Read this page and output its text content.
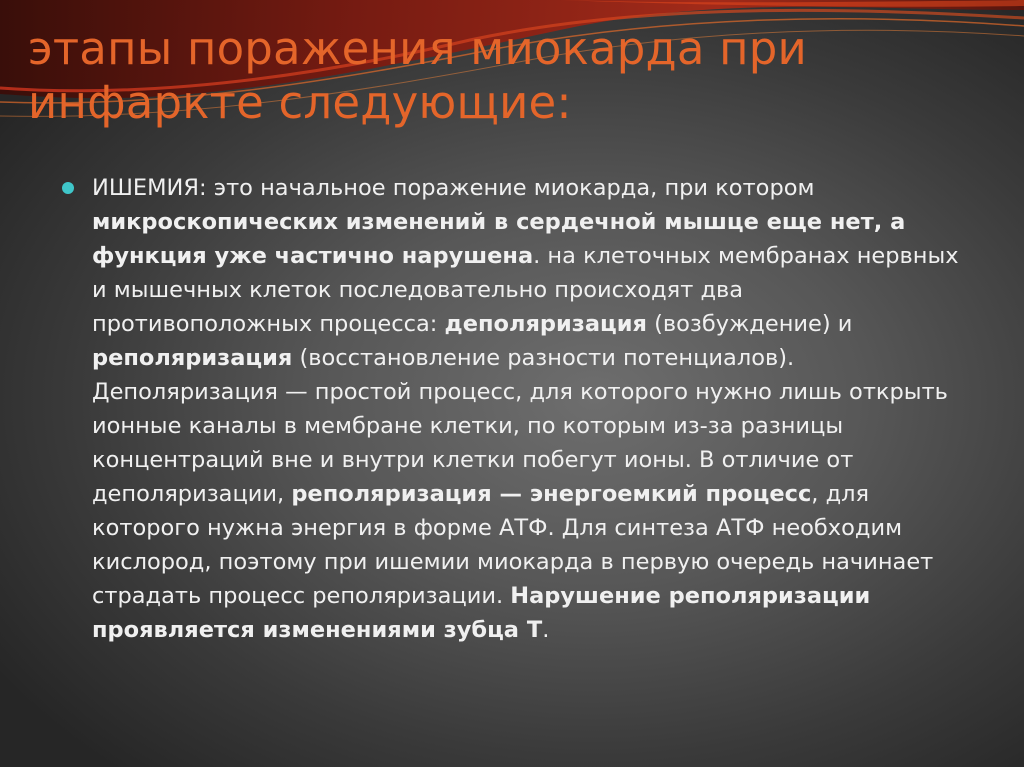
этапы поражения миокарда при
инфаркте следующие:
ИШЕМИЯ: это начальное поражение миокарда, при котором микроскопических изменений в сердечной мышце еще нет, а функция уже частично нарушена. на клеточных мембранах нервных и мышечных клеток последовательно происходят два противоположных процесса: деполяризация (возбуждение) и реполяризация (восстановление разности потенциалов). Деполяризация — простой процесс, для которого нужно лишь открыть ионные каналы в мембране клетки, по которым из-за разницы концентраций вне и внутри клетки побегут ионы. В отличие от деполяризации, реполяризация — энергоемкий процесс, для которого нужна энергия в форме АТФ. Для синтеза АТФ необходим кислород, поэтому при ишемии миокарда в первую очередь начинает страдать процесс реполяризации. Нарушение реполяризации проявляется изменениями зубца Т.
